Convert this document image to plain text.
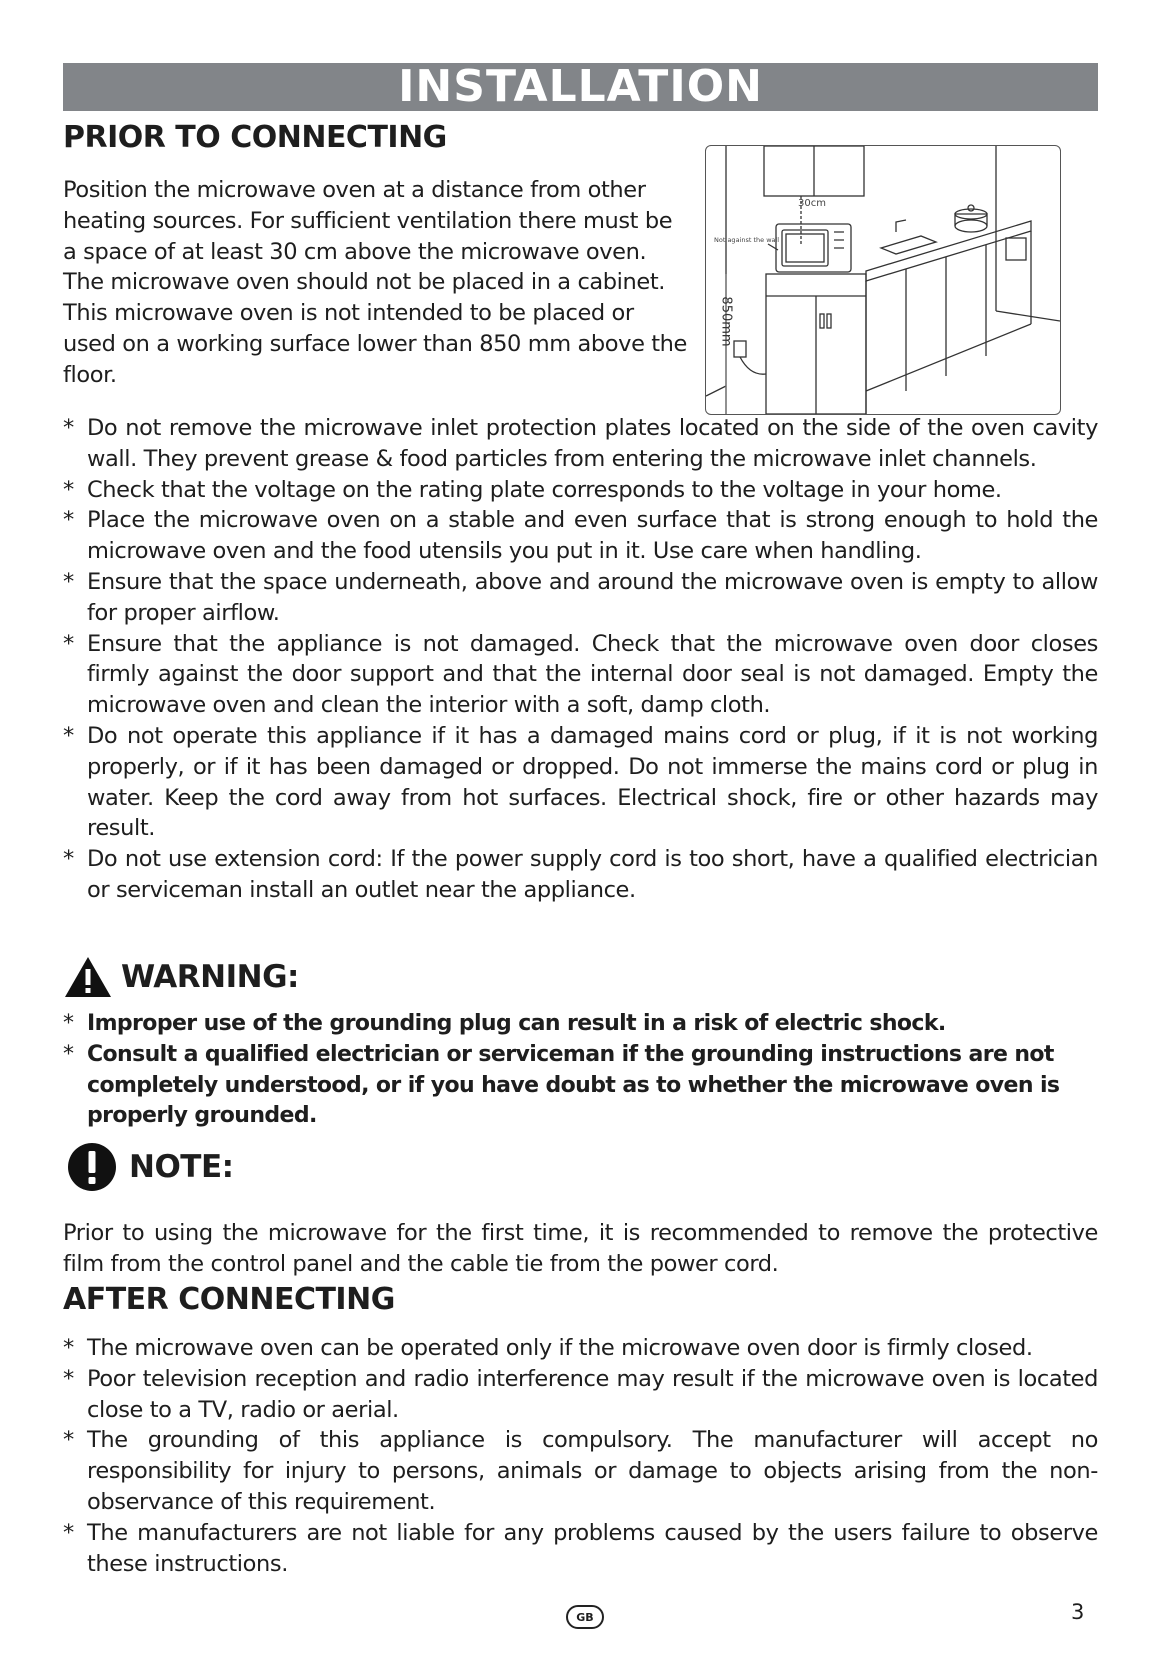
INSTALLATION
PRIOR TO CONNECTING

Position the microwave oven at a distance from other heating sources. For sufficient ventilation there must be a space of at least 30 cm above the microwave oven.

The microwave oven should not be placed in a cabinet. This microwave oven is not intended to be placed or used on a working surface lower than 850 mm above the floor.

30cm
Not against the wall
850mm
* Do not remove the microwave inlet protection plates located on the side of the oven cavity wall. They prevent grease & food particles from entering the microwave inlet channels.
* Check that the voltage on the rating plate corresponds to the voltage in your home.
* Place the microwave oven on a stable and even surface that is strong enough to hold the microwave oven and the food utensils you put in it. Use care when handling.
* Ensure that the space underneath, above and around the microwave oven is empty to allow for proper airflow.
* Ensure that the appliance is not damaged. Check that the microwave oven door closes firmly against the door support and that the internal door seal is not damaged. Empty the microwave oven and clean the interior with a soft, damp cloth.
* Do not operate this appliance if it has a damaged mains cord or plug, if it is not working properly, or if it has been damaged or dropped. Do not immerse the mains cord or plug in water. Keep the cord away from hot surfaces. Electrical shock, fire or other hazards may result.
* Do not use extension cord: If the power supply cord is too short, have a qualified electrician or serviceman install an outlet near the appliance.
WARNING:
* Improper use of the grounding plug can result in a risk of electric shock.
* Consult a qualified electrician or serviceman if the grounding instructions are not completely understood, or if you have doubt as to whether the microwave oven is properly grounded.
NOTE:

Prior to using the microwave for the first time, it is recommended to remove the protective film from the control panel and the cable tie from the power cord.

AFTER CONNECTING
* The microwave oven can be operated only if the microwave oven door is firmly closed.
* Poor television reception and radio interference may result if the microwave oven is located close to a TV, radio or aerial.
* The grounding of this appliance is compulsory. The manufacturer will accept no responsibility for injury to persons, animals or damage to objects arising from the non-observance of this requirement.
* The manufacturers are not liable for any problems caused by the users failure to observe these instructions.
GB	3
